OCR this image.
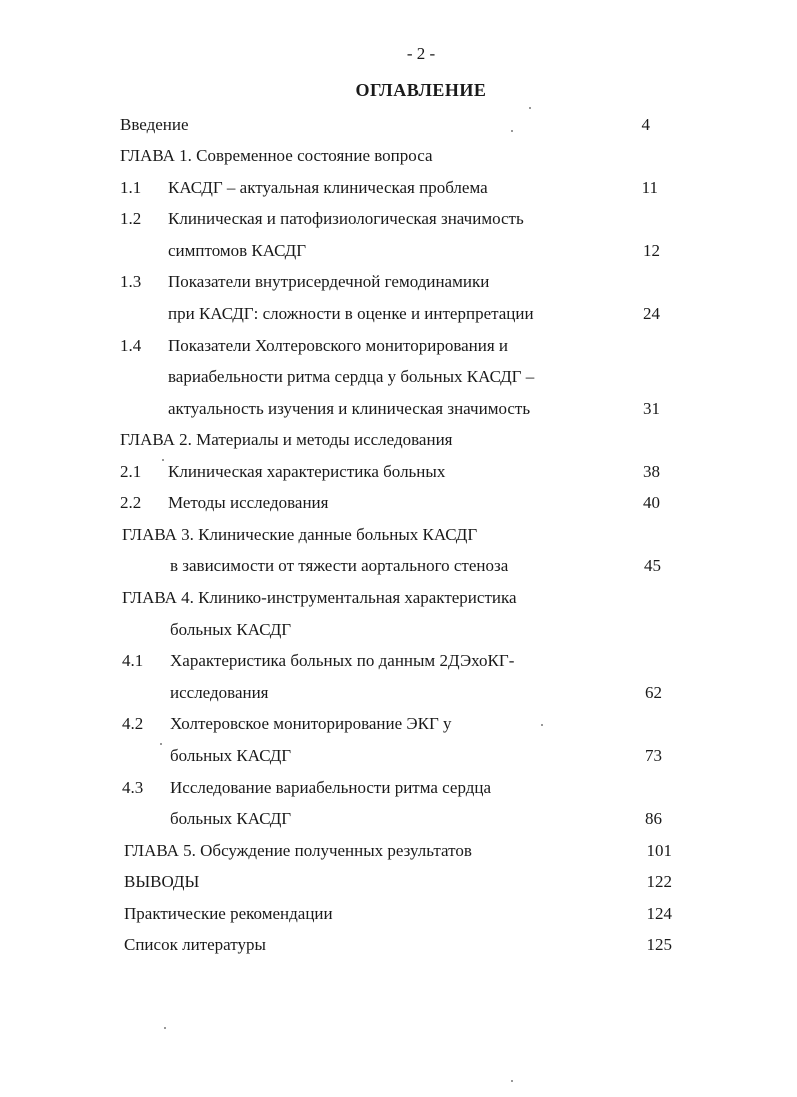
- 2 -
ОГЛАВЛЕНИЕ
Введение	4
ГЛАВА 1. Современное состояние вопроса
1.1 КАСДГ – актуальная клиническая проблема	11
1.2 Клиническая и патофизиологическая значимость
симптомов КАСДГ	12
1.3 Показатели внутрисердечной гемодинамики
при КАСДГ: сложности в оценке и интерпретации	24
1.4 Показатели Холтеровского мониторирования и
вариабельности ритма сердца у больных КАСДГ –
актуальность изучения и клиническая значимость	31
ГЛАВА 2. Материалы и методы исследования
2.1 Клиническая характеристика больных	38
2.2 Методы исследования	40
ГЛАВА 3. Клинические данные больных КАСДГ
в зависимости от тяжести аортального стеноза	45
ГЛАВА 4. Клинико-инструментальная характеристика
больных КАСДГ
4.1 Характеристика больных по данным 2ДЭхоКГ-
исследования	62
4.2 Холтеровское мониторирование ЭКГ у
больных КАСДГ	73
4.3 Исследование вариабельности ритма сердца
больных КАСДГ	86
ГЛАВА 5. Обсуждение полученных результатов	101
ВЫВОДЫ	122
Практические рекомендации	124
Список литературы	125
